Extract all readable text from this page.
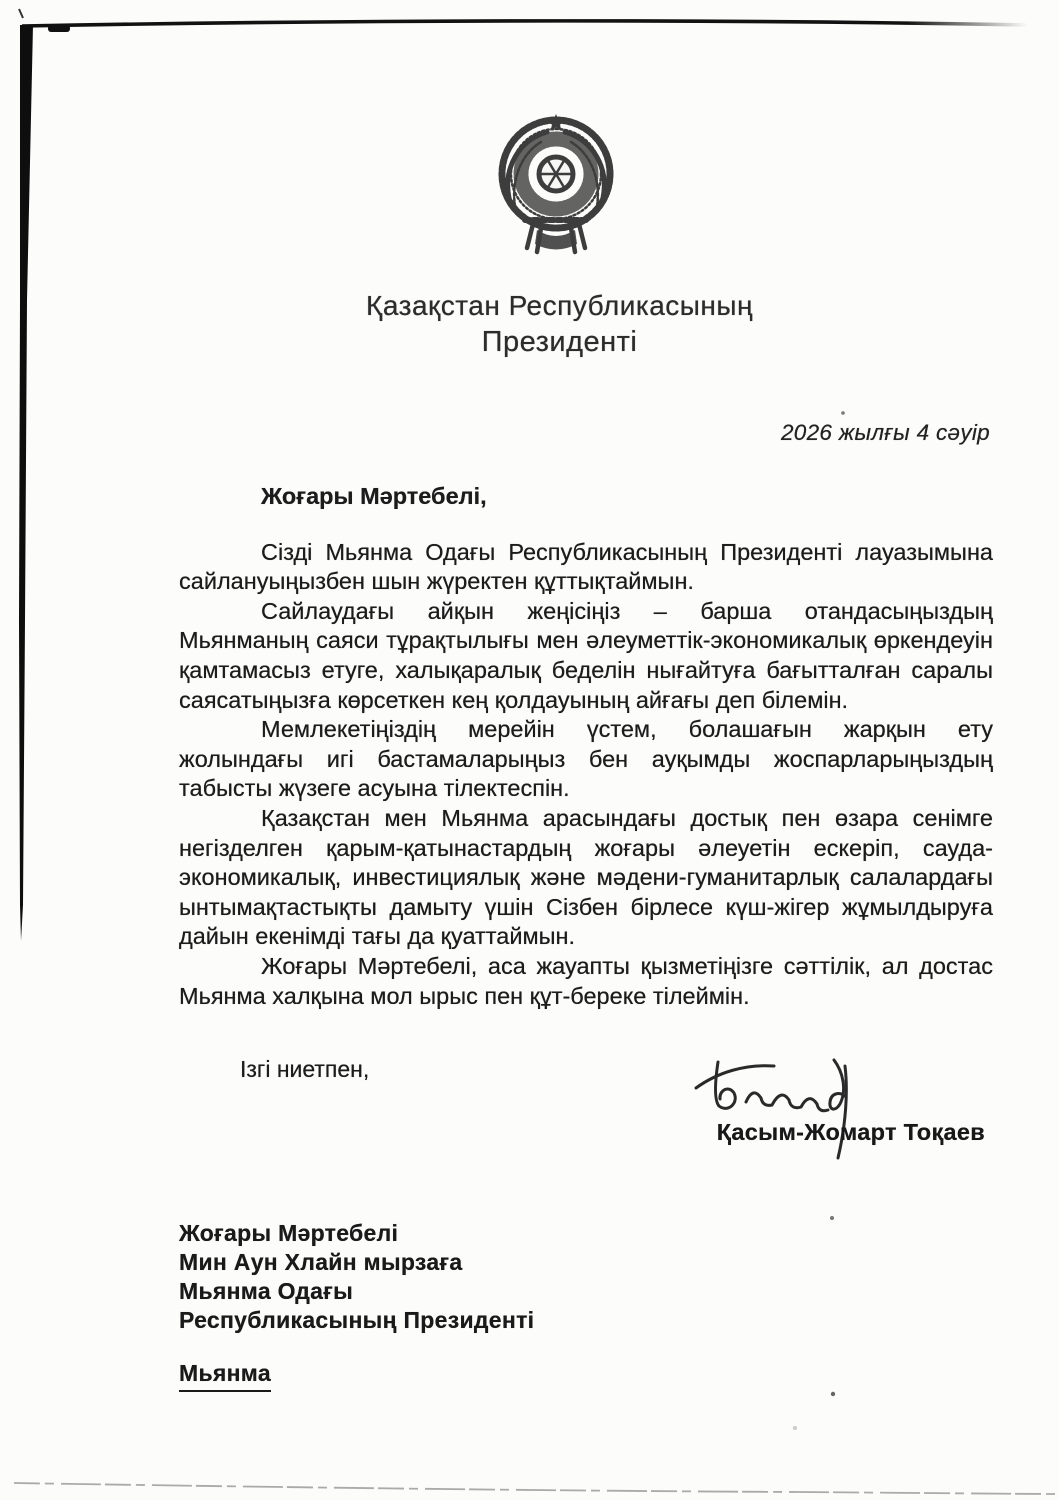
Қазақстан Республикасының
Президенті
2026 жылғы 4 сәуір
Жоғары Мәртебелі,

Сізді Мьянма Одағы Республикасының Президенті лауазымына сайлануыңызбен шын жүректен құттықтаймын.

Сайлаудағы айқын жеңісіңіз – барша отандасыңыздың Мьянманың саяси тұрақтылығы мен әлеуметтік-экономикалық өркендеуін қамтамасыз етуге, халықаралық беделін нығайтуға бағытталған саралы саясатыңызға көрсеткен кең қолдауының айғағы деп білемін.

Мемлекетіңіздің мерейін үстем, болашағын жарқын ету жолындағы игі бастамаларыңыз бен ауқымды жоспарларыңыздың табысты жүзеге асуына тілектеспін.

Қазақстан мен Мьянма арасындағы достық пен өзара сенімге негізделген қарым-қатынастардың жоғары әлеуетін ескеріп, сауда-экономикалық, инвестициялық және мәдени-гуманитарлық салалардағы ынтымақтастықты дамыту үшін Сізбен бірлесе күш-жігер жұмылдыруға дайын екенімді тағы да қуаттаймын.

Жоғары Мәртебелі, аса жауапты қызметіңізге сәттілік, ал достас Мьянма халқына мол ырыс пен құт-береке тілеймін.

Ізгі ниетпен,
Қасым-Жомарт Тоқаев
Жоғары Мәртебелі
Мин Аун Хлайн мырзаға
Мьянма Одағы
Республикасының Президенті
Мьянма
